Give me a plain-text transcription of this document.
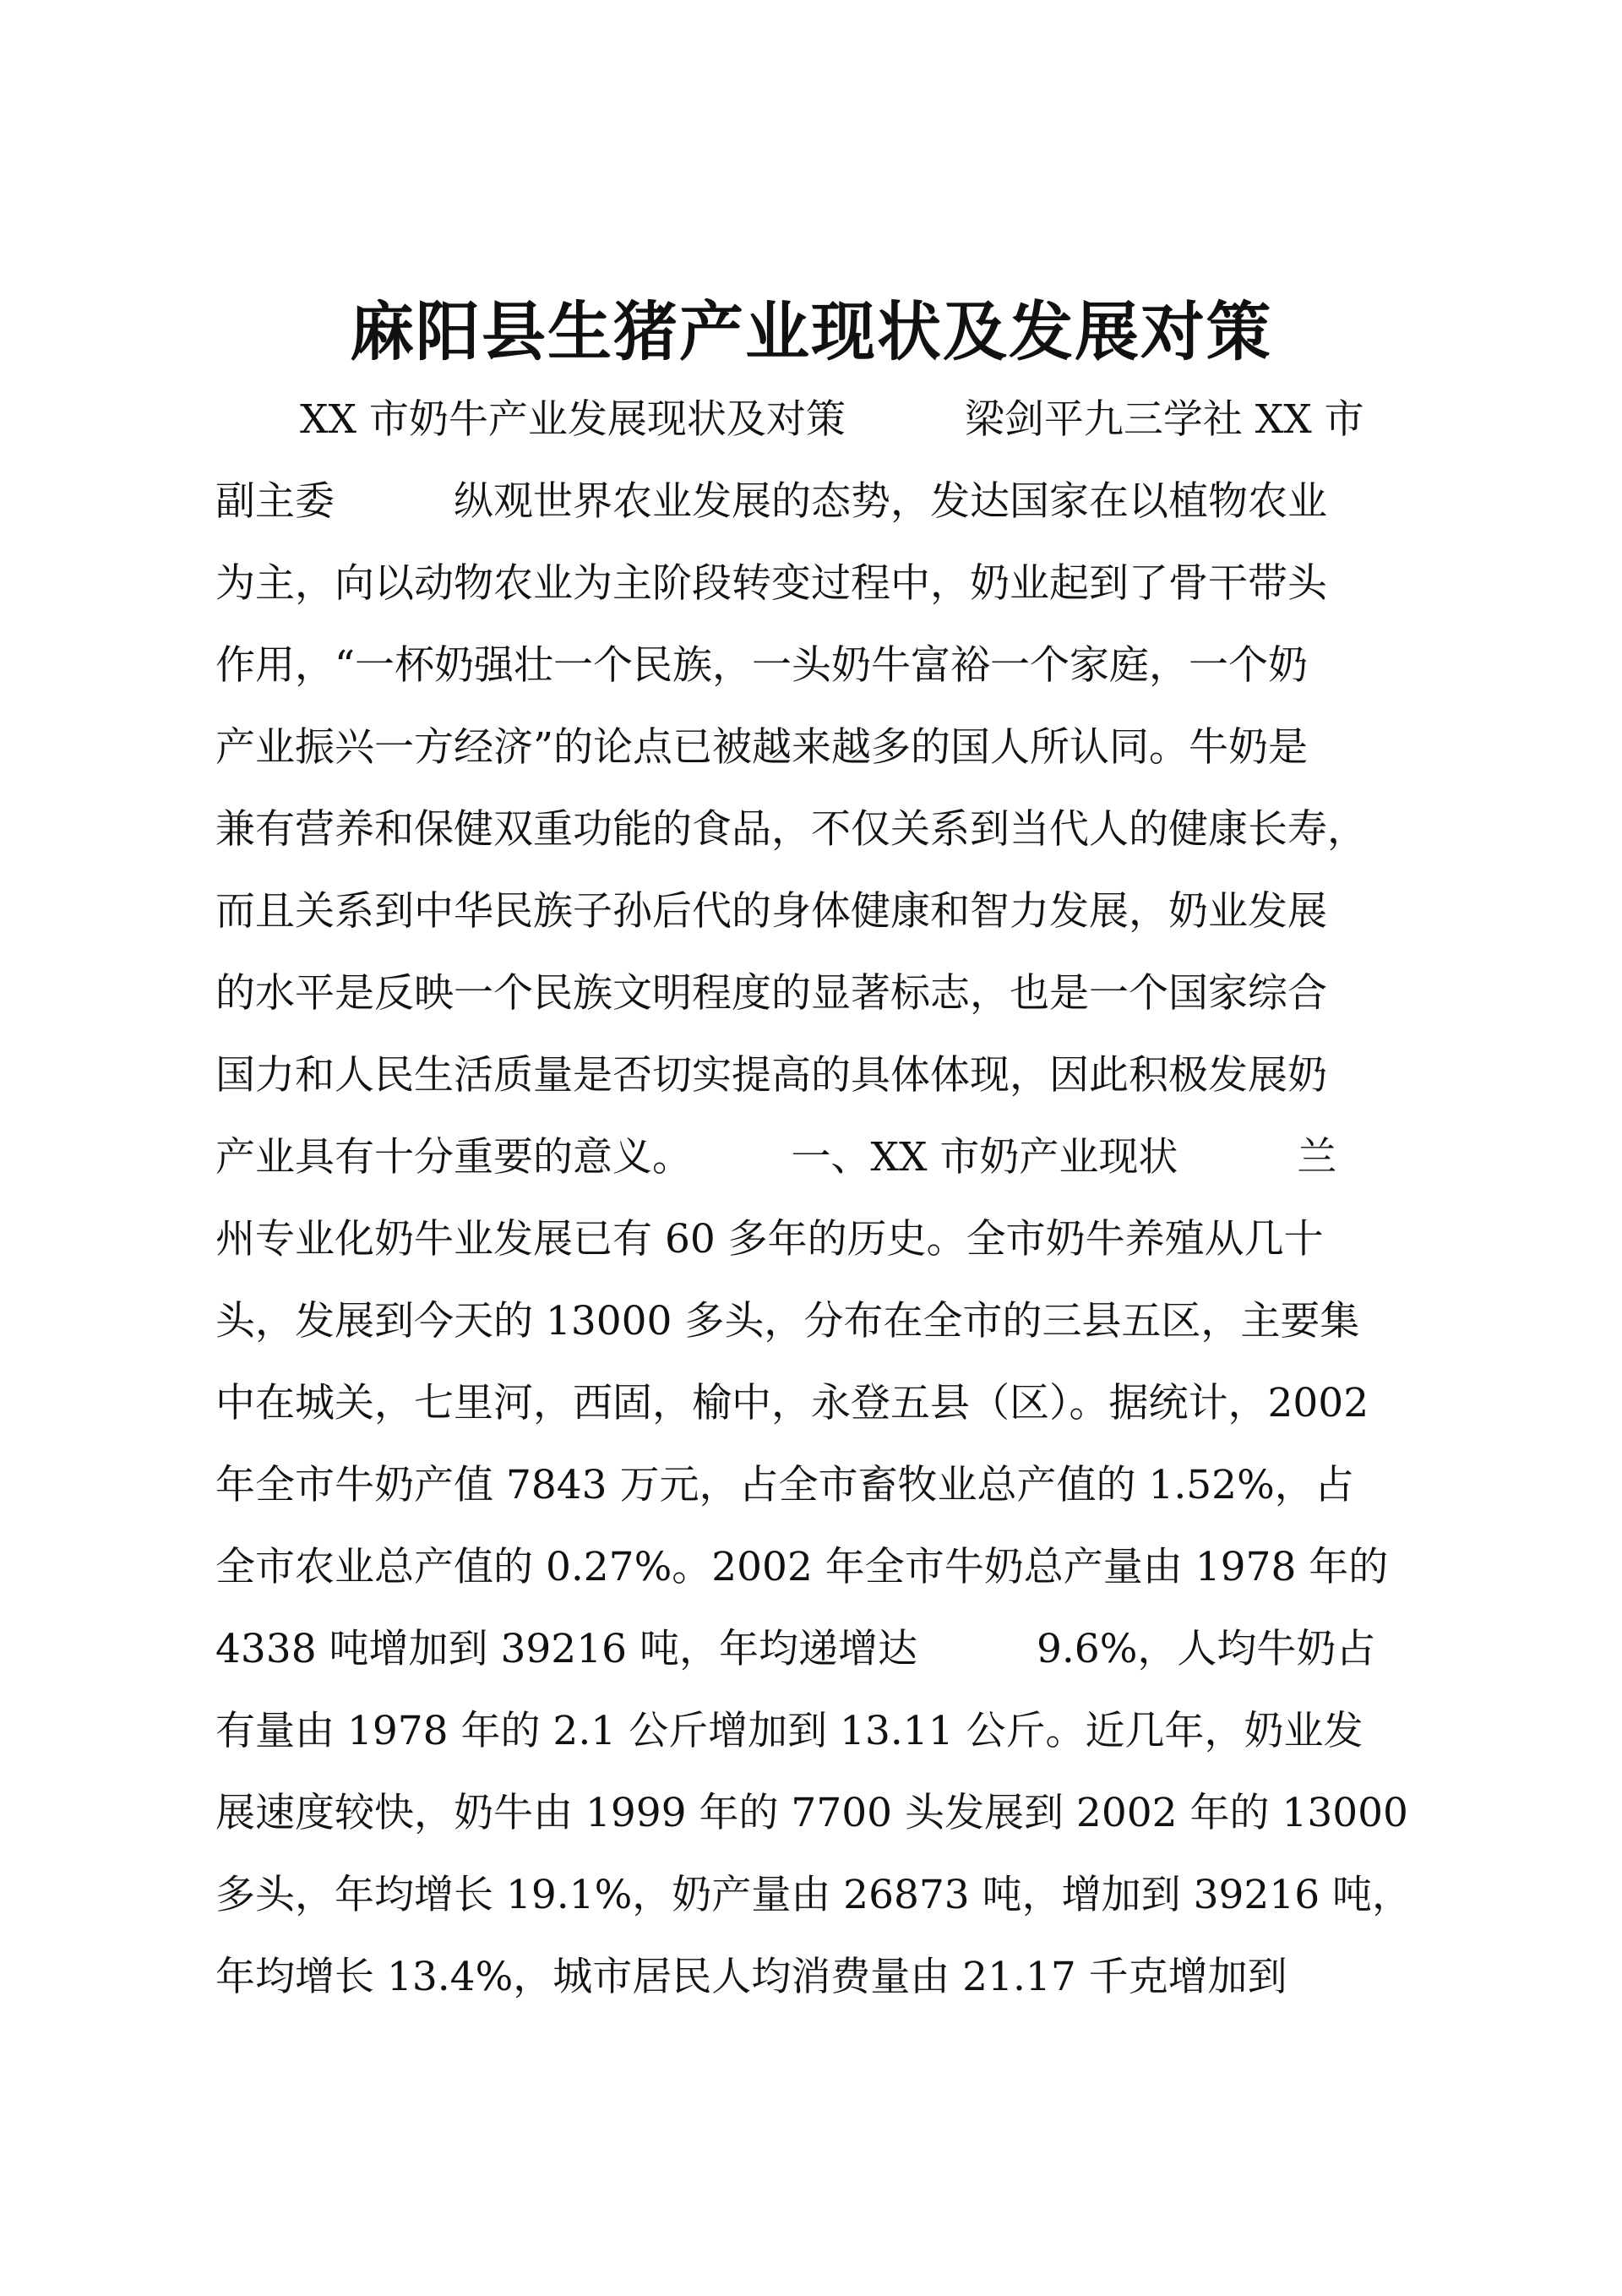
麻阳县生猪产业现状及发展对策
XX 市奶牛产业发展现状及对策　　　梁剑平九三学社 XX 市
副主委　　　纵观世界农业发展的态势，发达国家在以植物农业
为主，向以动物农业为主阶段转变过程中，奶业起到了骨干带头
作用，“一杯奶强壮一个民族，一头奶牛富裕一个家庭，一个奶
产业振兴一方经济”的论点已被越来越多的国人所认同。牛奶是
兼有营养和保健双重功能的食品，不仅关系到当代人的健康长寿，
而且关系到中华民族子孙后代的身体健康和智力发展，奶业发展
的水平是反映一个民族文明程度的显著标志，也是一个国家综合
国力和人民生活质量是否切实提高的具体体现，因此积极发展奶
产业具有十分重要的意义。　　　一、XX 市奶产业现状　　　兰
州专业化奶牛业发展已有 60 多年的历史。全市奶牛养殖从几十
头，发展到今天的 13000 多头，分布在全市的三县五区，主要集
中在城关，七里河，西固，榆中，永登五县（区）。据统计，2002
年全市牛奶产值 7843 万元，占全市畜牧业总产值的 1.52%，占
全市农业总产值的 0.27%。2002 年全市牛奶总产量由 1978 年的
4338 吨增加到 39216 吨，年均递增达　　　9.6%，人均牛奶占
有量由 1978 年的 2.1 公斤增加到 13.11 公斤。近几年，奶业发
展速度较快，奶牛由 1999 年的 7700 头发展到 2002 年的 13000
多头，年均增长 19.1%，奶产量由 26873 吨，增加到 39216 吨，
年均增长 13.4%，城市居民人均消费量由 21.17 千克增加到
